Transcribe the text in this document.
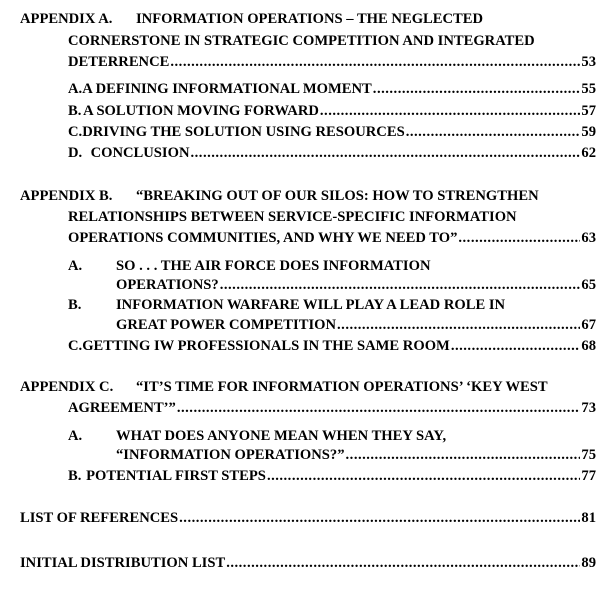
APPENDIX A.	INFORMATION OPERATIONS – THE NEGLECTED
CORNERSTONE IN STRATEGIC COMPETITION AND INTEGRATED
DETERRENCE .....	53
A. A DEFINING INFORMATIONAL MOMENT .....	55
B. A SOLUTION MOVING FORWARD .....	57
C. DRIVING THE SOLUTION USING RESOURCES .....	59
D. CONCLUSION .....	62
APPENDIX B.	“BREAKING OUT OF OUR SILOS: HOW TO STRENGTHEN
RELATIONSHIPS BETWEEN SERVICE-SPECIFIC INFORMATION
OPERATIONS COMMUNITIES, AND WHY WE NEED TO” .....	63
A.	SO . . . THE AIR FORCE DOES INFORMATION
OPERATIONS? .....	65
B.	INFORMATION WARFARE WILL PLAY A LEAD ROLE IN
GREAT POWER COMPETITION .....	67
C. GETTING IW PROFESSIONALS IN THE SAME ROOM .....	68
APPENDIX C.	“IT’S TIME FOR INFORMATION OPERATIONS’ ‘KEY WEST
AGREEMENT’” .....	73
A.	WHAT DOES ANYONE MEAN WHEN THEY SAY,
“INFORMATION OPERATIONS?” .....	75
B. POTENTIAL FIRST STEPS .....	77
LIST OF REFERENCES .....	81
INITIAL DISTRIBUTION LIST .....	89
